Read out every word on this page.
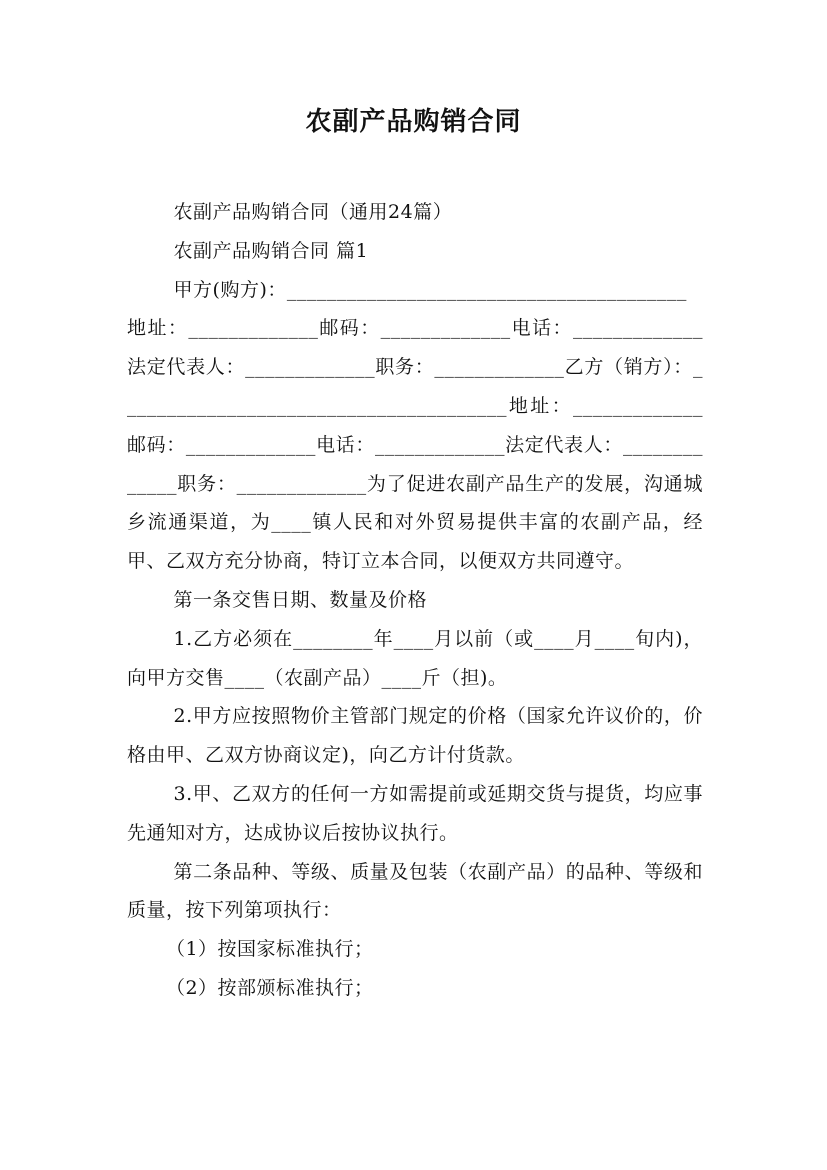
农副产品购销合同

农副产品购销合同（通用24篇）

农副产品购销合同 篇1

甲方(购方)：________________________________________

地址：_____________邮码：_____________电话：_____________法定代表人：_____________职务：_____________乙方（销方）：_______________________________________地址：_____________邮码：_____________电话：_____________法定代表人：_____________职务：_____________为了促进农副产品生产的发展，沟通城乡流通渠道，为____镇人民和对外贸易提供丰富的农副产品，经甲、乙双方充分协商，特订立本合同，以便双方共同遵守。

第一条交售日期、数量及价格

1.乙方必须在________年____月以前（或____月____旬内)，向甲方交售____（农副产品）____斤（担)。

2.甲方应按照物价主管部门规定的价格（国家允许议价的，价格由甲、乙双方协商议定)，向乙方计付货款。

3.甲、乙双方的任何一方如需提前或延期交货与提货，均应事先通知对方，达成协议后按协议执行。

第二条品种、等级、质量及包装（农副产品）的品种、等级和质量，按下列第项执行：

（1）按国家标准执行；

（2）按部颁标准执行；
